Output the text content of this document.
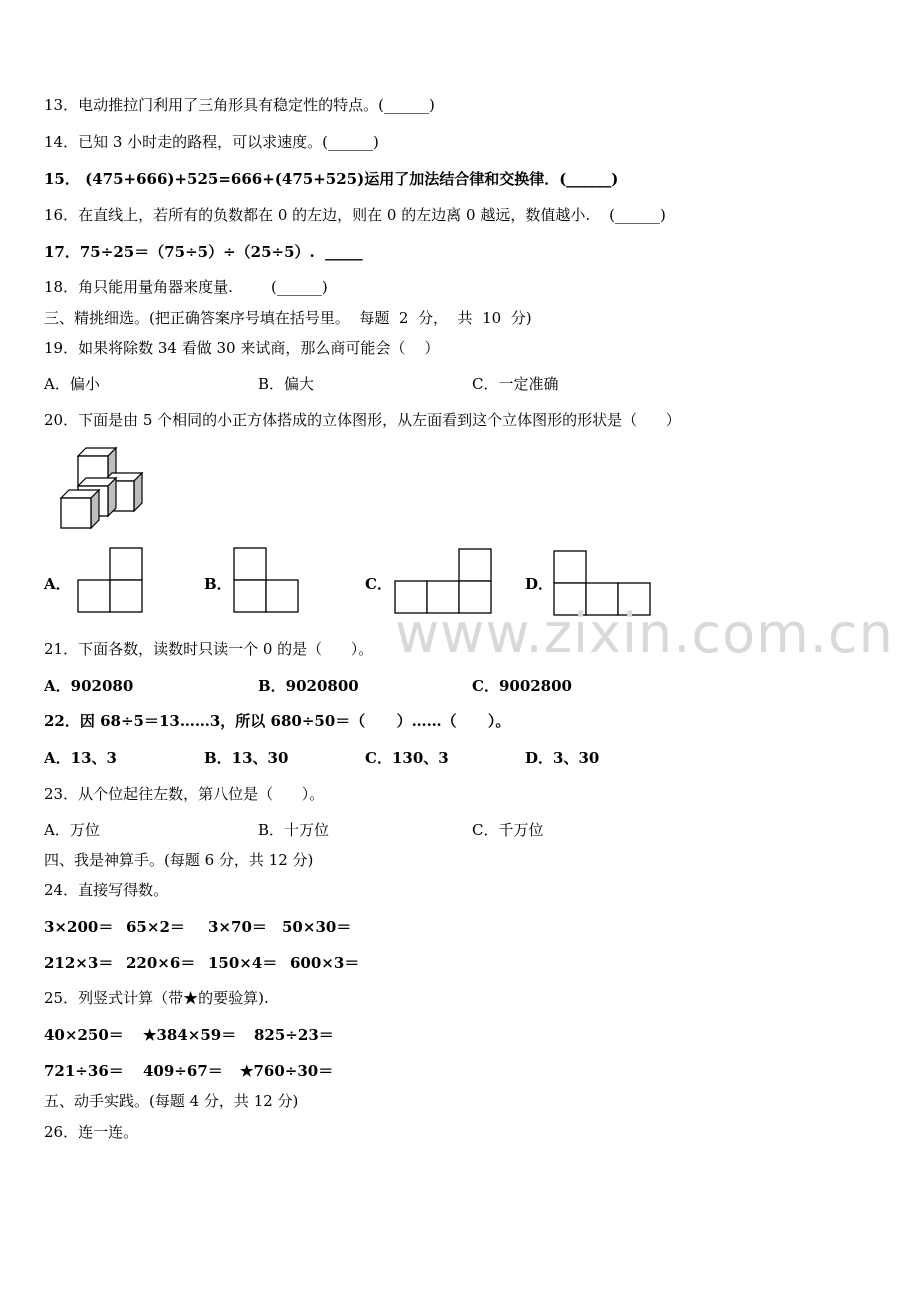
13．电动推拉门利用了三角形具有稳定性的特点。(______)
14．已知 3 小时走的路程，可以求速度。(______)
15． (475+666)+525=666+(475+525)运用了加法结合律和交换律．(______)
16．在直线上，若所有的负数都在 0 的左边，则在 0 的左边离 0 越远，数值越小.    (______)
17．75÷25＝（75÷5）÷（25÷5）.  _____
18．角只能用量角器来度量.        (______)
三、精挑细选。(把正确答案序号填在括号里。  每题  2  分，  共  10  分)
19．如果将除数 34 看做 30 来试商，那么商可能会（    ）
A．偏小	B．偏大	C．一定准确
20．下面是由 5 个相同的小正方体搭成的立体图形，从左面看到这个立体图形的形状是（      ）
A．	B．	C．	D．
www.zixin.com.cn
21．下面各数，读数时只读一个 0 的是（      ）。
A．902080	B．9020800	C．9002800
22．因 68÷5＝13……3，所以 680÷50＝（      ）……（      ）。
A．13、3	B．13、30	C．130、3	D．3、30
23．从个位起往左数，第八位是（      ）。
A．万位	B．十万位	C．千万位
四、我是神算手。(每题 6 分，共 12 分)
24．直接写得数。
3×200＝ 65×2＝ 3×70＝ 50×30＝
212×3＝ 220×6＝ 150×4＝ 600×3＝
25．列竖式计算（带★的要验算).
40×250＝ ★384×59＝ 825÷23＝
721÷36＝ 409÷67＝ ★760÷30＝
五、动手实践。(每题 4 分，共 12 分)
26．连一连。
